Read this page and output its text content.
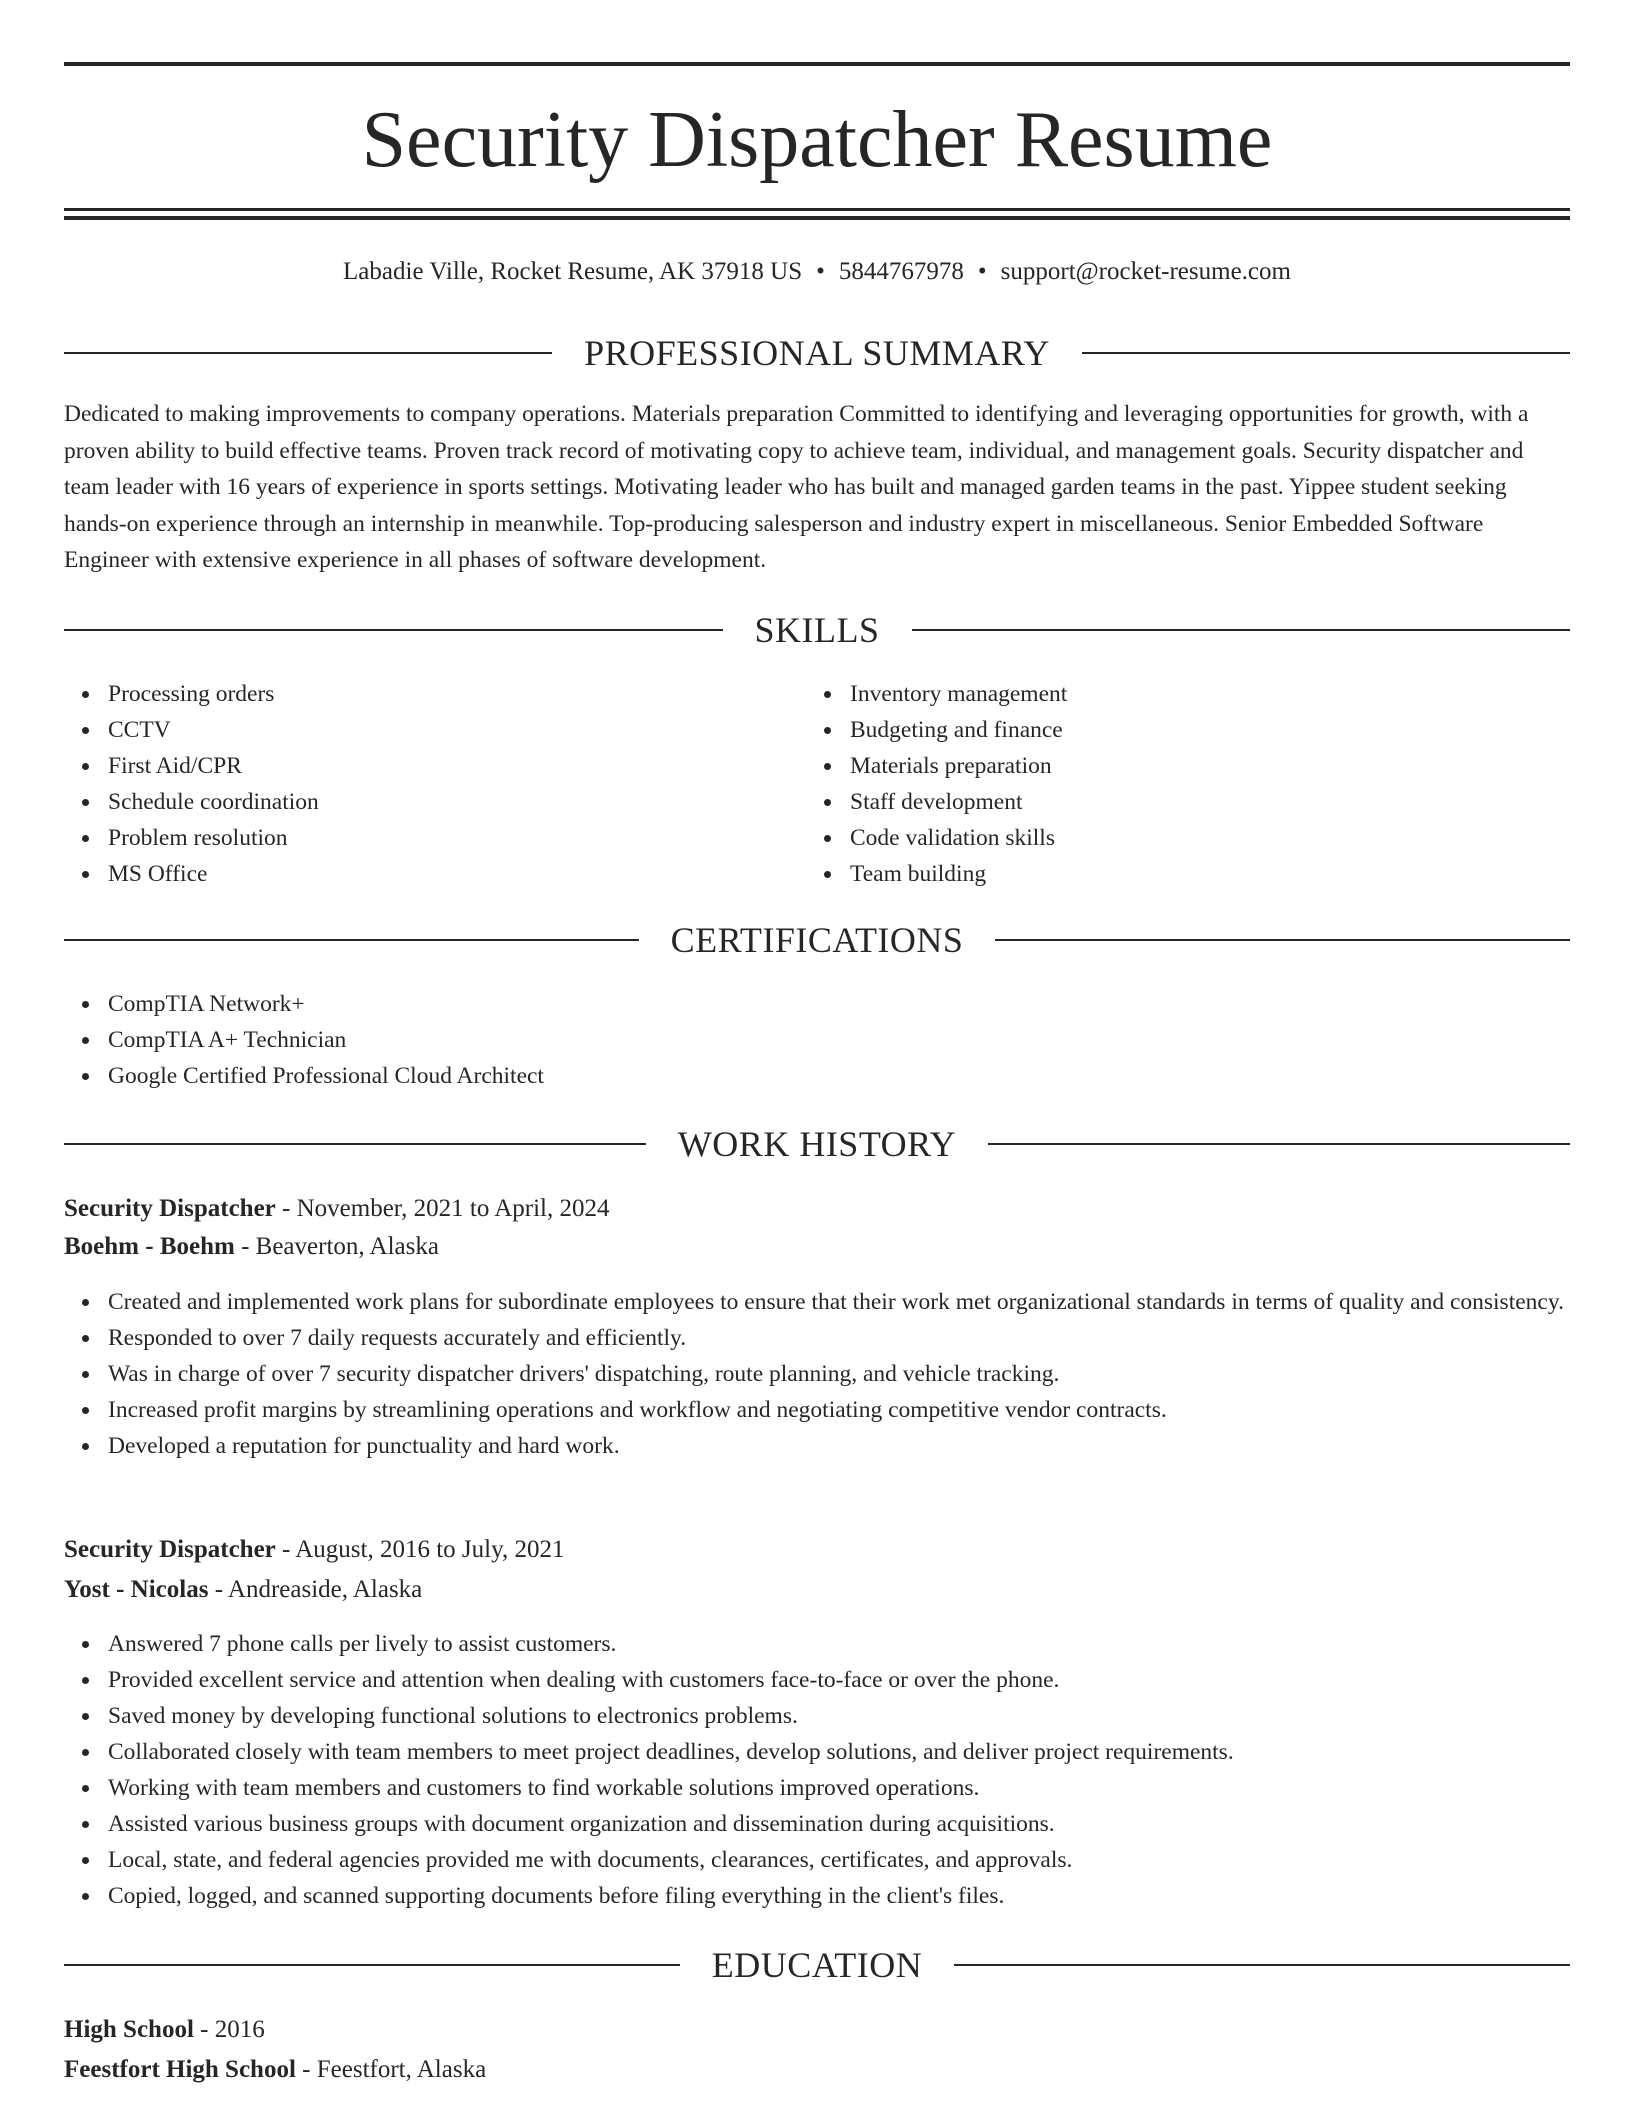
Security Dispatcher Resume
Labadie Ville, Rocket Resume, AK 37918 US • 5844767978 • support@rocket-resume.com
PROFESSIONAL SUMMARY

Dedicated to making improvements to company operations. Materials preparation Committed to identifying and leveraging opportunities for growth, with a proven ability to build effective teams. Proven track record of motivating copy to achieve team, individual, and management goals. Security dispatcher and team leader with 16 years of experience in sports settings. Motivating leader who has built and managed garden teams in the past. Yippee student seeking hands-on experience through an internship in meanwhile. Top-producing salesperson and industry expert in miscellaneous. Senior Embedded Software Engineer with extensive experience in all phases of software development.

SKILLS
Processing orders
CCTV
First Aid/CPR
Schedule coordination
Problem resolution
MS Office
Inventory management
Budgeting and finance
Materials preparation
Staff development
Code validation skills
Team building
CERTIFICATIONS
CompTIA Network+
CompTIA A+ Technician
Google Certified Professional Cloud Architect
WORK HISTORY
Security Dispatcher - November, 2021 to April, 2024
Boehm - Boehm - Beaverton, Alaska
Created and implemented work plans for subordinate employees to ensure that their work met organizational standards in terms of quality and consistency.
Responded to over 7 daily requests accurately and efficiently.
Was in charge of over 7 security dispatcher drivers' dispatching, route planning, and vehicle tracking.
Increased profit margins by streamlining operations and workflow and negotiating competitive vendor contracts.
Developed a reputation for punctuality and hard work.
Security Dispatcher - August, 2016 to July, 2021
Yost - Nicolas - Andreaside, Alaska
Answered 7 phone calls per lively to assist customers.
Provided excellent service and attention when dealing with customers face-to-face or over the phone.
Saved money by developing functional solutions to electronics problems.
Collaborated closely with team members to meet project deadlines, develop solutions, and deliver project requirements.
Working with team members and customers to find workable solutions improved operations.
Assisted various business groups with document organization and dissemination during acquisitions.
Local, state, and federal agencies provided me with documents, clearances, certificates, and approvals.
Copied, logged, and scanned supporting documents before filing everything in the client's files.
EDUCATION
High School - 2016
Feestfort High School - Feestfort, Alaska
